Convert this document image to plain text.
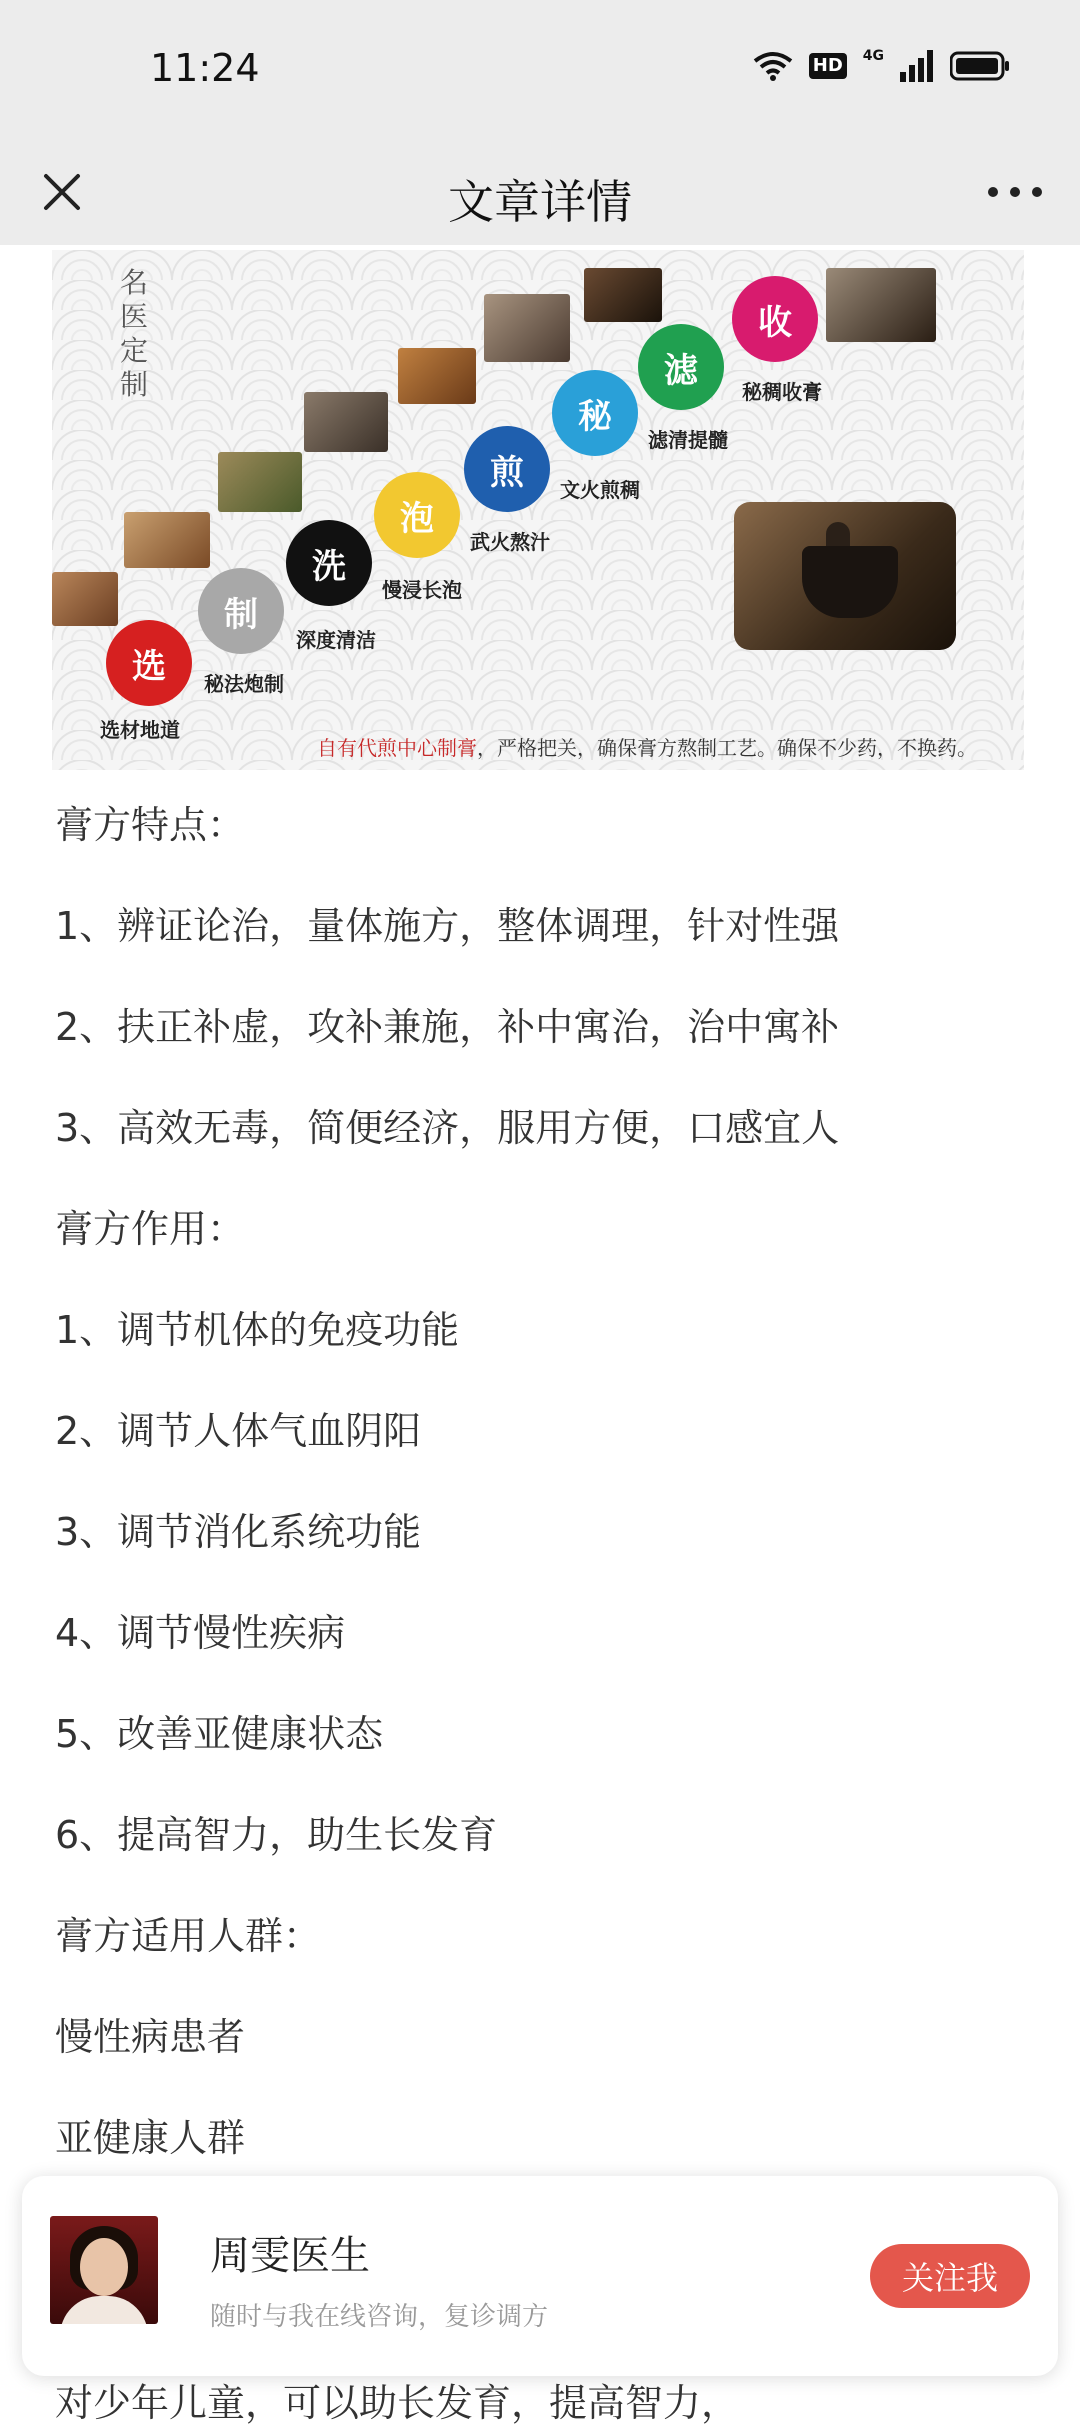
11:24	HD 4G
文章详情
名医定制
选
选材地道
制
秘法炮制
洗
深度清洁
泡
慢浸长泡
煎
武火熬汁
秘
文火煎稠
滤
滤清提髓
收
秘稠收膏
自有代煎中心制膏，严格把关，确保膏方熬制工艺。确保不少药，不换药。
膏方特点：
1、辨证论治，量体施方，整体调理，针对性强
2、扶正补虚，攻补兼施，补中寓治，治中寓补
3、高效无毒，简便经济，服用方便，口感宜人
膏方作用：
1、调节机体的免疫功能
2、调节人体气血阴阳
3、调节消化系统功能
4、调节慢性疾病
5、改善亚健康状态
6、提高智力，助生长发育
膏方适用人群：
慢性病患者
亚健康人群
对少年儿童，可以助长发育，提高智力，
周雯医生
随时与我在线咨询，复诊调方
关注我
